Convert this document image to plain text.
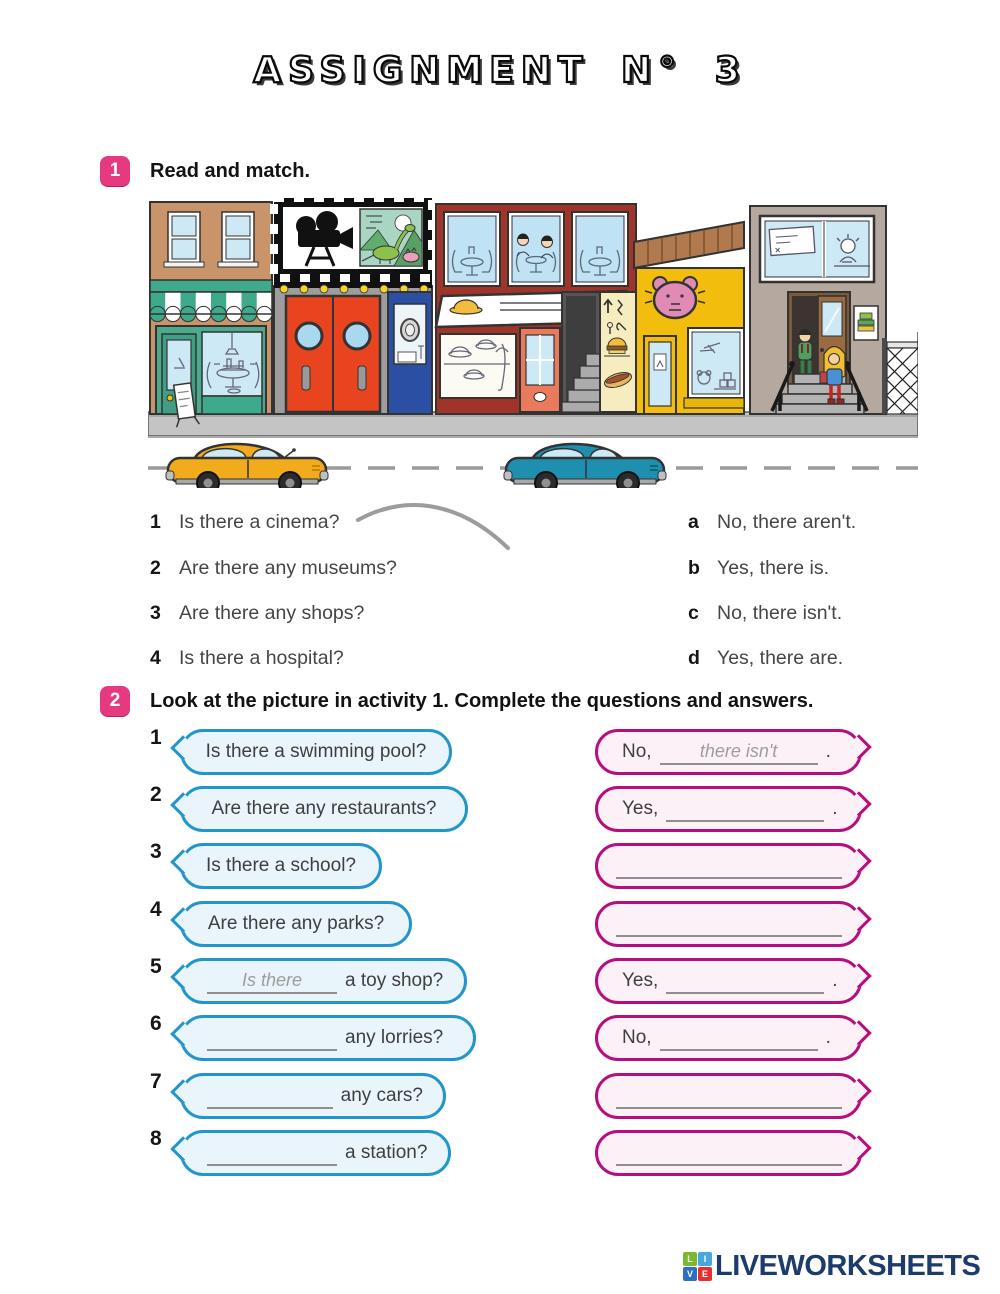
ASSIGNMENT N° 3
1	Read and match.
1 Is there a cinema?
2 Are there any museums?
3 Are there any shops?
4 Is there a hospital?
a No, there aren't.
b Yes, there is.
c No, there isn't.
d Yes, there are.
2	Look at the picture in activity 1. Complete the questions and answers.
1
Is there a swimming pool?	No,	there isn't	.
2
Are there any restaurants?	Yes,	.
3
Is there a school?
4
Are there any parks?
5
Is there	a toy shop?	Yes,	.
6
any lorries?	No,	.
7
any cars?
8
a station?
L	I
V E LIVEWORKSHEETS
